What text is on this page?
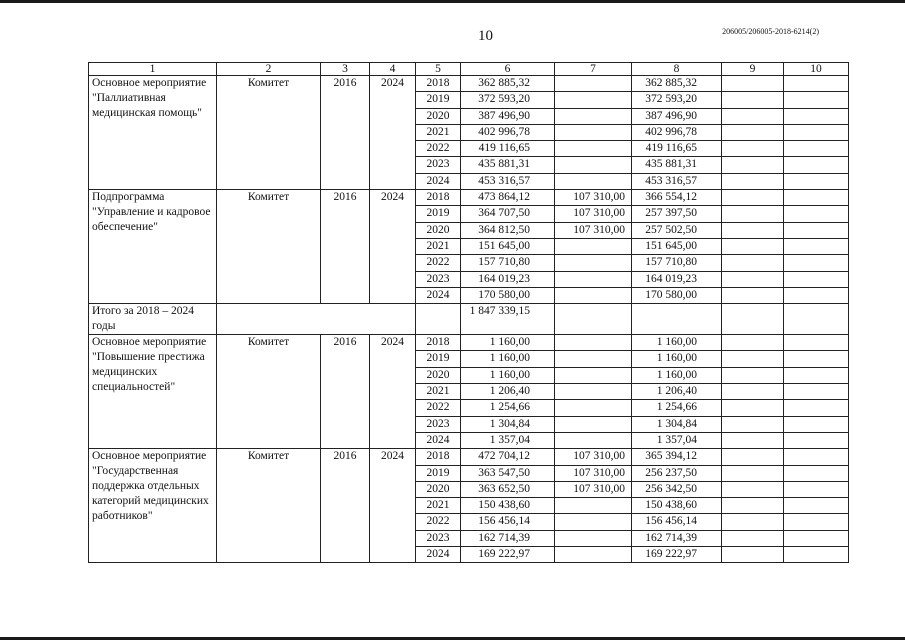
10	206005/206005-2018-6214(2)
1	2	3	4	5	6	7	8	9	10
Основное мероприятие "Паллиативная медицинская помощь"	Комитет	2016	2024	2018	362 885,32		362 885,32		
				2019	372 593,20		372 593,20		
				2020	387 496,90		387 496,90		
				2021	402 996,78		402 996,78		
				2022	419 116,65		419 116,65		
				2023	435 881,31		435 881,31		
				2024	453 316,57		453 316,57		
Подпрограмма "Управление и кадровое обеспечение"	Комитет	2016	2024	2018	473 864,12	107 310,00	366 554,12		
				2019	364 707,50	107 310,00	257 397,50		
				2020	364 812,50	107 310,00	257 502,50		
				2021	151 645,00		151 645,00		
				2022	157 710,80		157 710,80		
				2023	164 019,23		164 019,23		
				2024	170 580,00		170 580,00		
Итого за 2018 – 2024 годы					1 847 339,15				
Основное мероприятие "Повышение престижа медицинских специальностей"	Комитет	2016	2024	2018	1 160,00		1 160,00		
				2019	1 160,00		1 160,00		
				2020	1 160,00		1 160,00		
				2021	1 206,40		1 206,40		
				2022	1 254,66		1 254,66		
				2023	1 304,84		1 304,84		
				2024	1 357,04		1 357,04		
Основное мероприятие "Государственная поддержка отдельных категорий медицинских работников"	Комитет	2016	2024	2018	472 704,12	107 310,00	365 394,12		
				2019	363 547,50	107 310,00	256 237,50		
				2020	363 652,50	107 310,00	256 342,50		
				2021	150 438,60		150 438,60		
				2022	156 456,14		156 456,14		
				2023	162 714,39		162 714,39		
				2024	169 222,97		169 222,97		
